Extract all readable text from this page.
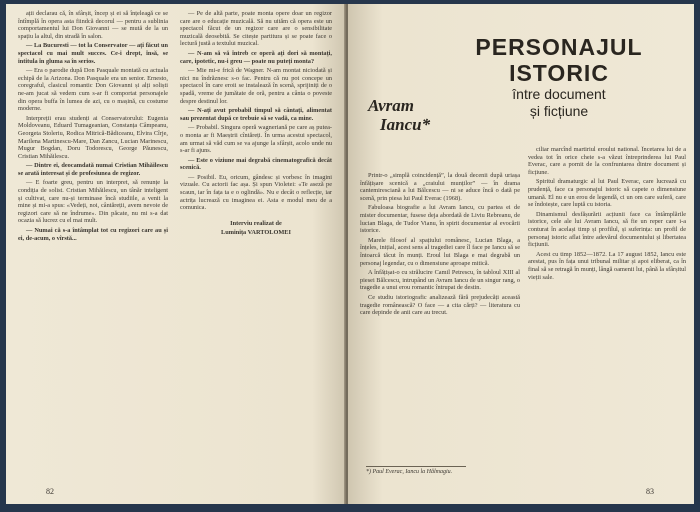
ații declarau că, în sfârșit, încep și ei să înțeleagă ce se întîmplă în opera asta fiindcă decorul — pentru a sublinia comportamentul lui Don Giovanni — se mută de la un spațiu la altul, din stradă în salon.

— La Bucuresti — tot la Conservator — ați făcut un spectacol cu mai mult succes. Ce-i drept, însă, se intitula în gluma sa în serios.

— Era o parodie după Don Pasquale montată cu actuala echipă de la Arizona. Don Pasquale era un senior. Ernesto, coregraful, clasicul romantic Don Giovanni și alți soliști ne-am jucat să vedem cum s-ar fi comportat personajele din opera buffa în lumea de azi, cu o mașină, cu costume moderne.

Interpreții erau studenți ai Conservatorului: Eugenia Moldoveanu, Eduard Tumageanian, Constanța Câmpeanu, Georgeta Stoleriu, Rodica Mitrică-Bădiceanu, Elvira Cîrje, Marilena Martinescu-Mare, Dan Zancu, Lucian Marinescu, Mugur Bogdan, Doru Todorescu, George Păunescu, Cristian Mihăilescu.

— Dintre ei, deocamdată numai Cristian Mihăilescu se arată interesat și de profesiunea de regizor.

— E foarte greu, pentru un interpret, să renunțe la condiția de solist. Cristian Mihăilescu, un tânăr inteligent și cultivat, care nu-și terminase încă studiile, a venit la mine și mi-a spus: «Vedeți, noi, cântăreții, avem nevoie de regizori care să ne îndrume». Din păcate, nu mi s-a dat ocazia să lucrez cu el mai mult.

— Numai că s-a întâmplat tot cu regizori care au și ei, de-acum, o vîrstă...

— Pe de altă parte, poate monta opere doar un regizor care are o educație muzicală. Să nu uităm că opera este un spectacol făcut de un regizor care are o sensibilitate muzicală deosebită. Se citește partitura și se poate face o lectură justă a textului muzical.

— N-am să vă întreb ce operă ați dori să montați, care, ipotetic, nu-i greu — poate nu puteți monta?

— Mie mi-e frică de Wagner. N-am montat niciodată și nici nu îndrăznesc s-o fac. Pentru că nu pot concepe un spectacol în care eroii se instalează în scenă, sprijiniți de o spadă, vreme de jumătate de oră, pentru a cânta o poveste despre destinul lor.

— N-ați avut probabil timpul să cântați, alimentat sau prezentat după ce trebuie să se vadă, ca mine.

— Probabil. Singura operă wagneriană pe care aș putea-o monta ar fi Maeștrii cîntăreți. În urma acestui spectacol, am urmat să văd cum se va ajunge la sfârșit, acolo unde nu s-ar fi ajuns.

— Este o viziune mai degrabă cinematografică decât scenică.

— Posibil. Eu, oricum, gândesc și vorbesc în imagini vizuale. Cu actorii fac așa. Și spun Violetei: «Te aseză pe scaun, iar în fața ta e o oglindă». Nu e decât o reflecție, iar actrița lucrează cu imaginea ei. Asta e modul meu de a comunica.

Interviu realizat de

Luminița VARTOLOMEI

82
PERSONAJUL
ISTORIC
între document
și ficțiune
Avram
Iancu*

Printr-o „simplă coincidență”, la două decenii după uriașa înfățișare scenică a „craiului munților” — în drama cantemiresciană a lui Bălcescu — ni se aduce încă o dată pe scenă, prin piesa lui Paul Everac (1968).

Fabuloasa biografie a lui Avram Iancu, cu partea ei de mister documentar, fusese deja abordată de Liviu Rebreanu, de lucian Blaga, de Tudor Vianu, în spirit documentar al evocării istorice.

Marele filosof al spațiului românesc, Lucian Blaga, a înțeles, inițial, acest sens al tragediei care îl face pe Iancu să se întoarcă tăcut în munți. Eroul lui Blaga e mai degrabă un personaj legendar, cu o dimensiune aproape mitică.

A înfățișat-o cu strălucire Camil Petrescu, în tabloul XIII al piesei Bălcescu, intrupând un Avram Iancu de un singur rang, o tragedie a unui erou romantic întrupat de destin.

Ce studiu istoriografic analizează fără prejudecăți această tragedie românească? O face — a cita cărți? — literatura cu care depinde de anii care au trecut.

ciliar marcînd martiriul eroului national. Încetarea lui de a vedea tot în orice cheie s-a văzut întreprinderea lui Paul Everac, care a pornit de la confruntarea dintre document și ficțiune.

Spiritul dramaturgic al lui Paul Everac, care lucrează cu prudență, face ca personajul istoric să capete o dimensiune umană. El nu e un erou de legendă, ci un om care suferă, care se îndoiește, care luptă cu istoria.

Dinamismul desfășurării acțiunii face ca întâmplările istorice, cele ale lui Avram Iancu, să fie un reper care i-a conturat în același timp și profilul, și suferința: un profil de personaj istoric aflat între adevărul documentului și libertatea ficțiunii.

Acest cu timp 1852—1872. La 17 august 1852, Iancu este arestat, pus în fața unui tribunal militar și apoi eliberat, ca în final să se retragă în munți, lângă oamenii lui, până la sfârșitul vieții sale.

*) Paul Everac, Iancu la Hălmagiu.
83
